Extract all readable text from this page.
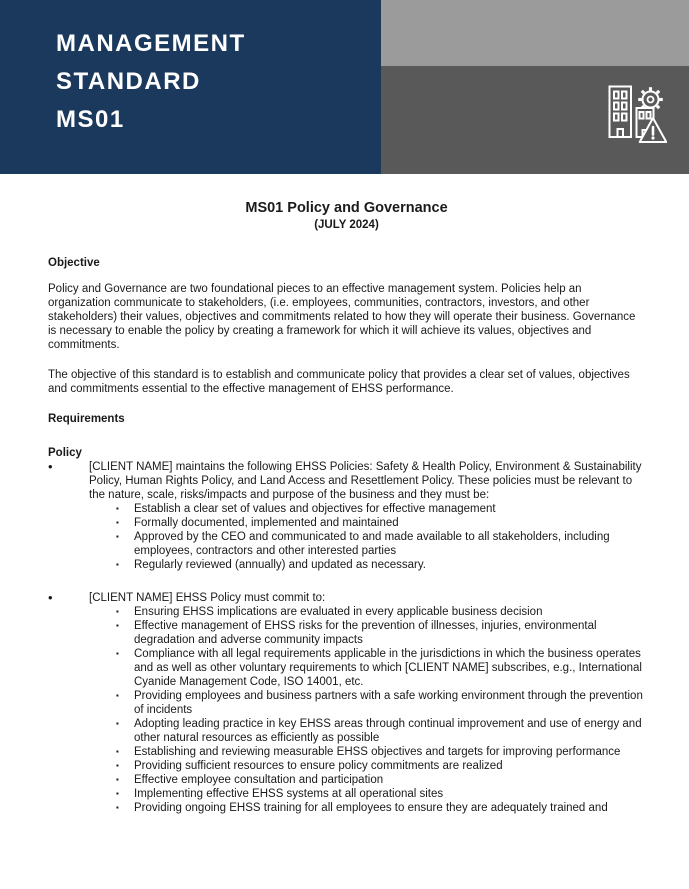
MANAGEMENT
STANDARD
MS01
MS01 Policy and Governance
(JULY 2024)
Objective

Policy and Governance are two foundational pieces to an effective management system. Policies help an organization communicate to stakeholders, (i.e. employees, communities, contractors, investors, and other stakeholders) their values, objectives and commitments related to how they will operate their business. Governance is necessary to enable the policy by creating a framework for which it will achieve its values, objectives and commitments.

The objective of this standard is to establish and communicate policy that provides a clear set of values, objectives and commitments essential to the effective management of EHSS performance.

Requirements
Policy
• [CLIENT NAME] maintains the following EHSS Policies: Safety & Health Policy, Environment & Sustainability Policy, Human Rights Policy, and Land Access and Resettlement Policy. These policies must be relevant to the nature, scale, risks/impacts and purpose of the business and they must be:
▪ Establish a clear set of values and objectives for effective management
▪ Formally documented, implemented and maintained
▪ Approved by the CEO and communicated to and made available to all stakeholders, including employees, contractors and other interested parties
▪ Regularly reviewed (annually) and updated as necessary.
• [CLIENT NAME] EHSS Policy must commit to:
▪ Ensuring EHSS implications are evaluated in every applicable business decision
▪ Effective management of EHSS risks for the prevention of illnesses, injuries, environmental degradation and adverse community impacts
▪ Compliance with all legal requirements applicable in the jurisdictions in which the business operates and as well as other voluntary requirements to which [CLIENT NAME] subscribes, e.g., International Cyanide Management Code, ISO 14001, etc.
▪ Providing employees and business partners with a safe working environment through the prevention of incidents
▪ Adopting leading practice in key EHSS areas through continual improvement and use of energy and other natural resources as efficiently as possible
▪ Establishing and reviewing measurable EHSS objectives and targets for improving performance
▪ Providing sufficient resources to ensure policy commitments are realized
▪ Effective employee consultation and participation
▪ Implementing effective EHSS systems at all operational sites
▪ Providing ongoing EHSS training for all employees to ensure they are adequately trained and
